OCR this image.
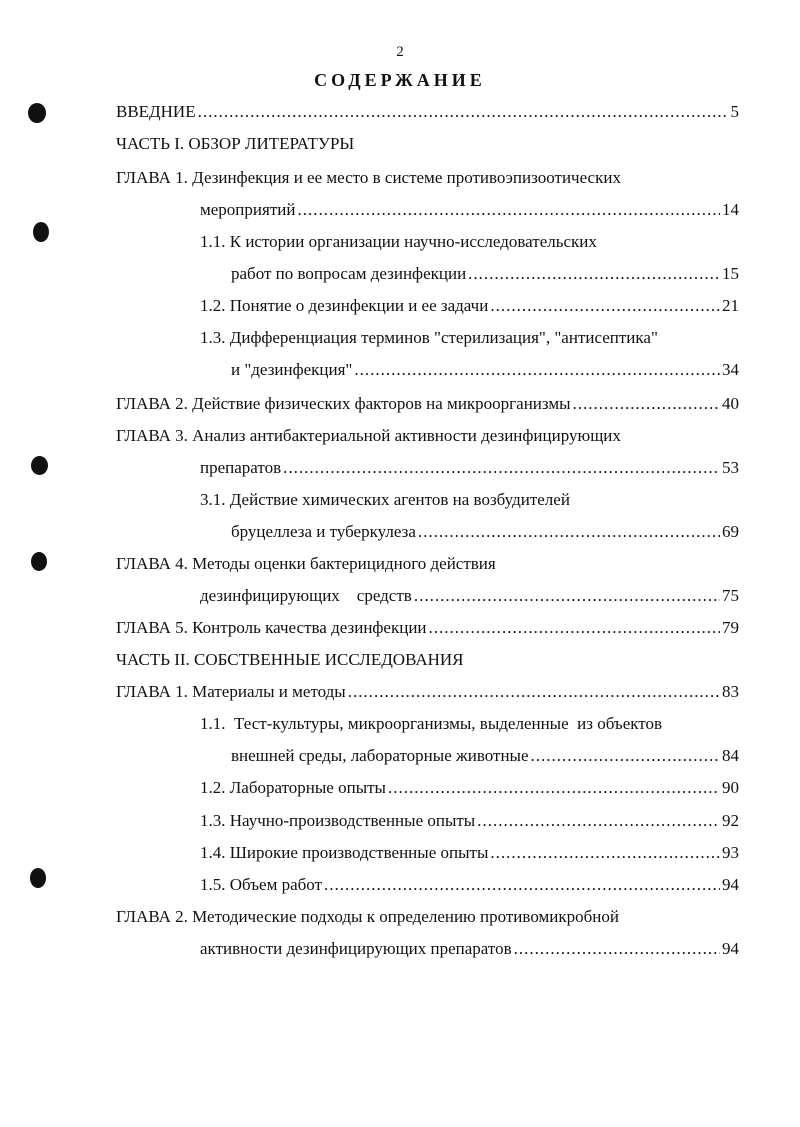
2
СОДЕРЖАНИЕ
ВВЕДНИЕ .....	5
ЧАСТЬ I. ОБЗОР ЛИТЕРАТУРЫ
ГЛАВА 1. Дезинфекция и ее место в системе противоэпизоотических
мероприятий .....	14
1.1. К истории организации научно-исследовательских
работ по вопросам дезинфекции .....	15
1.2. Понятие о дезинфекции и ее задачи .....	21
1.3. Дифференциация терминов "стерилизация", "антисептика"
и "дезинфекция" .....	34
ГЛАВА 2. Действие физических факторов на микроорганизмы .....	40
ГЛАВА 3. Анализ антибактериальной активности дезинфицирующих
препаратов .....	53
3.1. Действие химических агентов на возбудителей
бруцеллеза и туберкулеза .....	69
ГЛАВА 4. Методы оценки бактерицидного действия
дезинфицирующих    средств .....	75
ГЛАВА 5. Контроль качества дезинфекции .....	79
ЧАСТЬ II. СОБСТВЕННЫЕ ИССЛЕДОВАНИЯ
ГЛАВА 1. Материалы и методы .....	83
1.1.  Тест-культуры, микроорганизмы, выделенные  из объектов
внешней среды, лабораторные животные .....	84
1.2. Лабораторные опыты .....	90
1.3. Научно-производственные опыты .....	92
1.4. Широкие производственные опыты .....	93
1.5. Объем работ .....	94
ГЛАВА 2. Методические подходы к определению противомикробной
активности дезинфицирующих препаратов .....	94
